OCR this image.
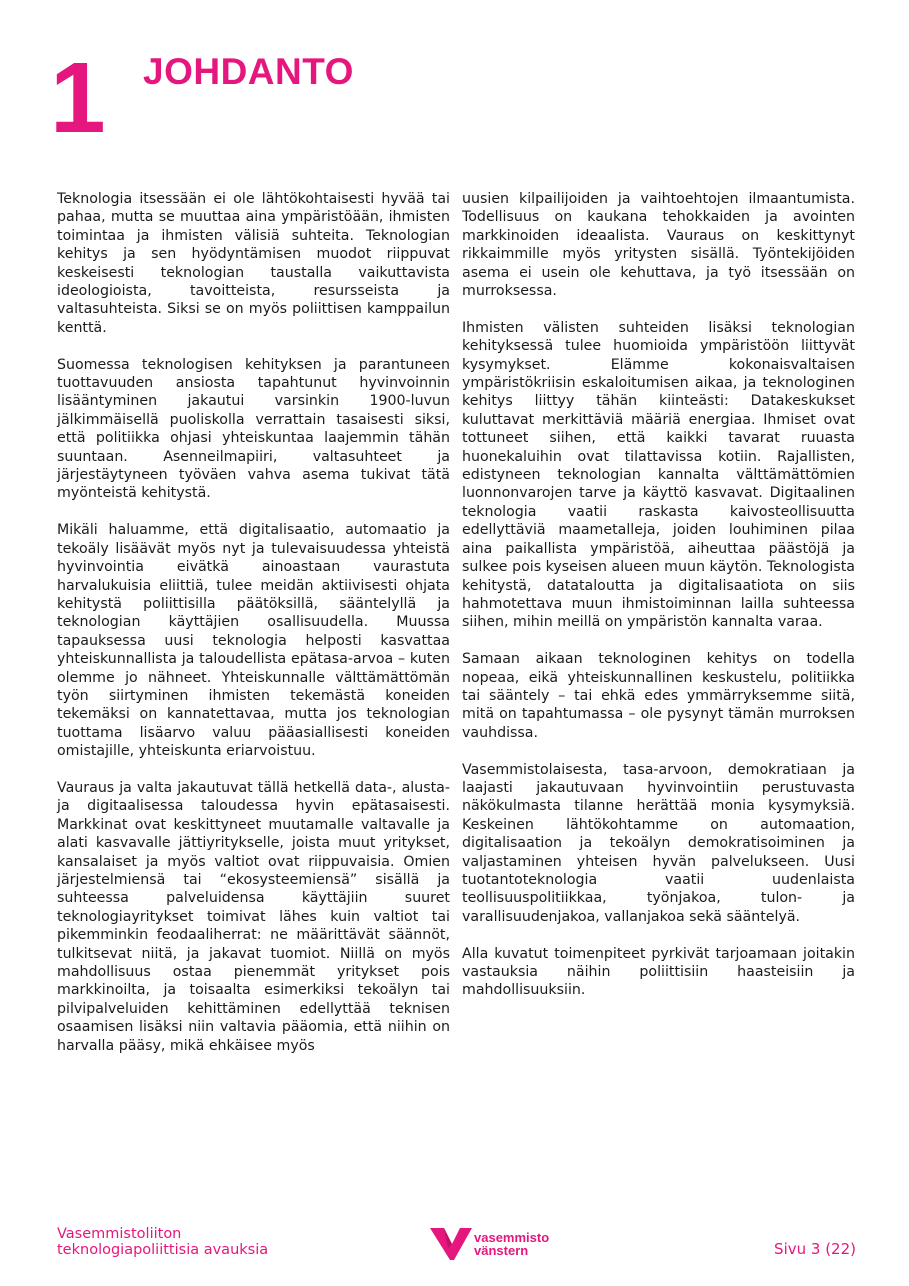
1 JOHDANTO

Teknologia itsessään ei ole lähtökohtaisesti hyvää tai pahaa, mutta se muuttaa aina ympäristöään, ihmisten toimintaa ja ihmisten välisiä suhteita. Teknologian kehitys ja sen hyödyntämisen muodot riippuvat keskeisesti teknologian taustalla vaikuttavista ideologioista, tavoitteista, resursseista ja valtasuhteista. Siksi se on myös poliittisen kamppailun kenttä.

Suomessa teknologisen kehityksen ja parantuneen tuottavuuden ansiosta tapahtunut hyvinvoinnin lisääntyminen jakautui varsinkin 1900-luvun jälkimmäisellä puoliskolla verrattain tasaisesti siksi, että politiikka ohjasi yhteiskuntaa laajemmin tähän suuntaan. Asenneilmapiiri, valtasuhteet ja järjestäytyneen työväen vahva asema tukivat tätä myönteistä kehitystä.

Mikäli haluamme, että digitalisaatio, automaatio ja tekoäly lisäävät myös nyt ja tulevaisuudessa yhteistä hyvinvointia eivätkä ainoastaan vaurastuta harvalukuisia eliittiä, tulee meidän aktiivisesti ohjata kehitystä poliittisilla päätöksillä, sääntelyllä ja teknologian käyttäjien osallisuudella. Muussa tapauksessa uusi teknologia helposti kasvattaa yhteiskunnallista ja taloudellista epätasa-arvoa – kuten olemme jo nähneet. Yhteiskunnalle välttämättömän työn siirtyminen ihmisten tekemästä koneiden tekemäksi on kannatettavaa, mutta jos teknologian tuottama lisäarvo valuu pääasiallisesti koneiden omistajille, yhteiskunta eriarvoistuu.

Vauraus ja valta jakautuvat tällä hetkellä data-, alusta- ja digitaalisessa taloudessa hyvin epätasaisesti. Markkinat ovat keskittyneet muutamalle valtavalle ja alati kasvavalle jättiyritykselle, joista muut yritykset, kansalaiset ja myös valtiot ovat riippuvaisia. Omien järjestelmiensä tai “ekosysteemiensä” sisällä ja suhteessa palveluidensa käyttäjiin suuret teknologiayritykset toimivat lähes kuin valtiot tai pikemminkin feodaaliherrat: ne määrittävät säännöt, tulkitsevat niitä, ja jakavat tuomiot. Niillä on myös mahdollisuus ostaa pienemmät yritykset pois markkinoilta, ja toisaalta esimerkiksi tekoälyn tai pilvipalveluiden kehittäminen edellyttää teknisen osaamisen lisäksi niin valtavia pääomia, että niihin on harvalla pääsy, mikä ehkäisee myös

uusien kilpailijoiden ja vaihtoehtojen ilmaantumista. Todellisuus on kaukana tehokkaiden ja avointen markkinoiden ideaalista. Vauraus on keskittynyt rikkaimmille myös yritysten sisällä. Työntekijöiden asema ei usein ole kehuttava, ja työ itsessään on murroksessa.

Ihmisten välisten suhteiden lisäksi teknologian kehityksessä tulee huomioida ympäristöön liittyvät kysymykset. Elämme kokonaisvaltaisen ympäristökriisin eskaloitumisen aikaa, ja teknologinen kehitys liittyy tähän kiinteästi: Datakeskukset kuluttavat merkittäviä määriä energiaa. Ihmiset ovat tottuneet siihen, että kaikki tavarat ruuasta huonekaluihin ovat tilattavissa kotiin. Rajallisten, edistyneen teknologian kannalta välttämättömien luonnonvarojen tarve ja käyttö kasvavat. Digitaalinen teknologia vaatii raskasta kaivosteollisuutta edellyttäviä maametalleja, joiden louhiminen pilaa aina paikallista ympäristöä, aiheuttaa päästöjä ja sulkee pois kyseisen alueen muun käytön. Teknologista kehitystä, datataloutta ja digitalisaatiota on siis hahmotettava muun ihmistoiminnan lailla suhteessa siihen, mihin meillä on ympäristön kannalta varaa.

Samaan aikaan teknologinen kehitys on todella nopeaa, eikä yhteiskunnallinen keskustelu, politiikka tai sääntely – tai ehkä edes ymmärryksemme siitä, mitä on tapahtumassa – ole pysynyt tämän murroksen vauhdissa.

Vasemmistolaisesta, tasa-arvoon, demokratiaan ja laajasti jakautuvaan hyvinvointiin perustuvasta näkökulmasta tilanne herättää monia kysymyksiä. Keskeinen lähtökohtamme on automaation, digitalisaation ja tekoälyn demokratisoiminen ja valjastaminen yhteisen hyvän palvelukseen. Uusi tuotantoteknologia vaatii uudenlaista teollisuuspolitiikkaa, työnjakoa, tulon- ja varallisuudenjakoa, vallanjakoa sekä sääntelyä.

Alla kuvatut toimenpiteet pyrkivät tarjoamaan joitakin vastauksia näihin poliittisiin haasteisiin ja mahdollisuuksiin.

Vasemmistoliiton
teknologiapoliittisia avauksia
vasemmisto
vänstern	Sivu 3 (22)
